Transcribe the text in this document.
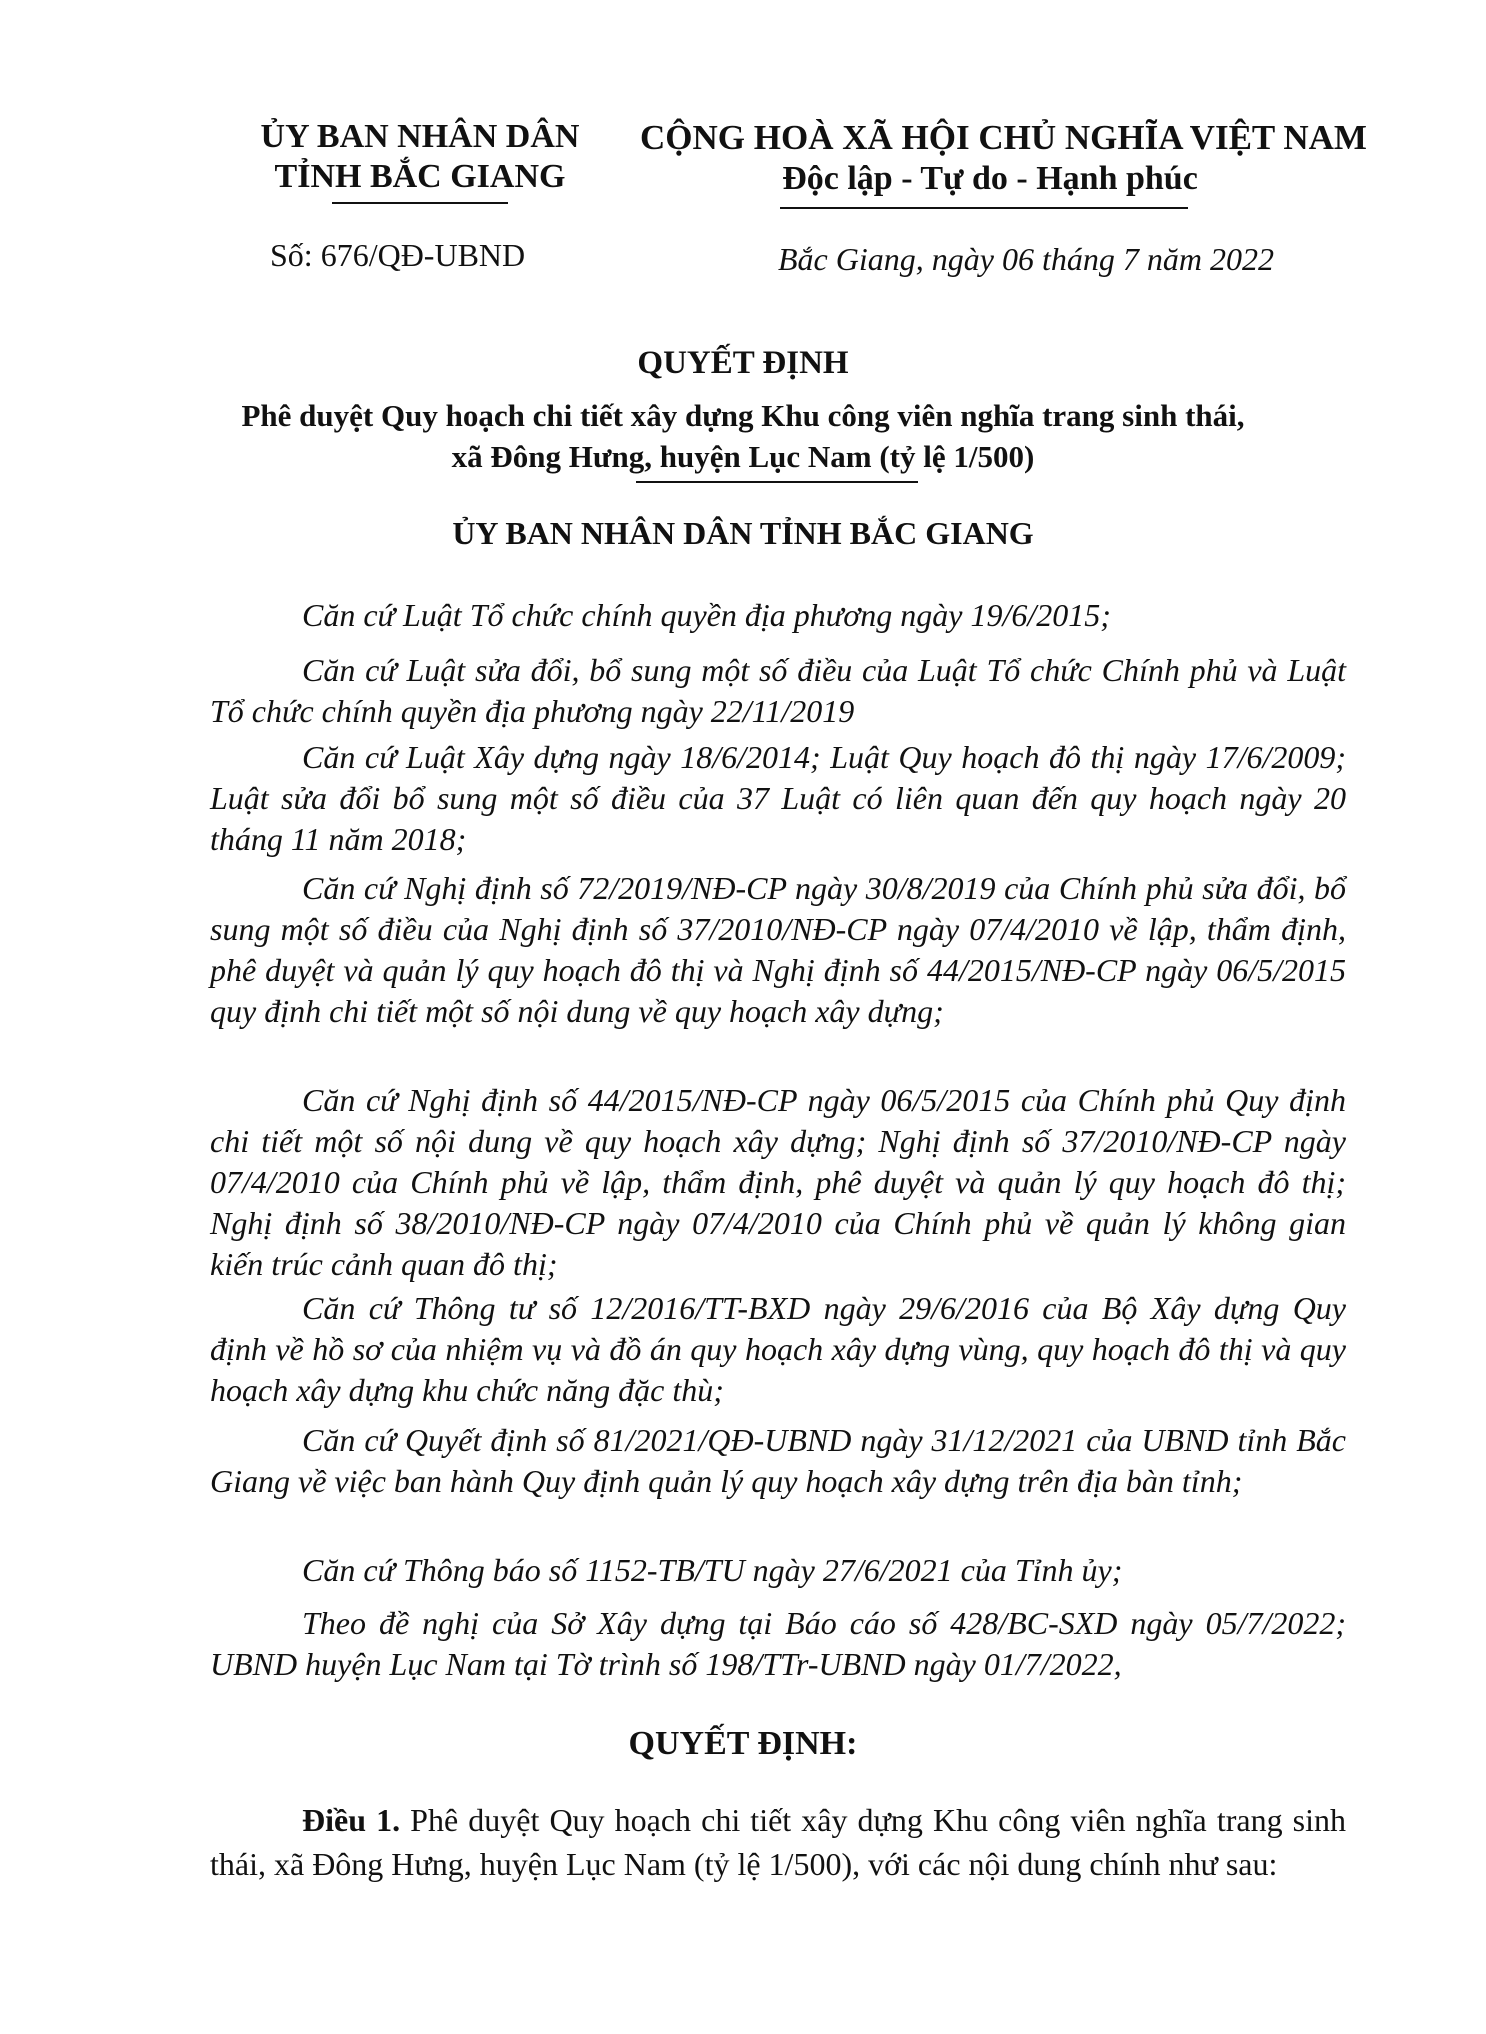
ỦY BAN NHÂN DÂN
TỈNH BẮC GIANG
CỘNG HOÀ XÃ HỘI CHỦ NGHĨA VIỆT NAM
Độc lập - Tự do - Hạnh phúc
Số: 676/QĐ-UBND	Bắc Giang, ngày 06 tháng 7 năm 2022
QUYẾT ĐỊNH
Phê duyệt Quy hoạch chi tiết xây dựng Khu công viên nghĩa trang sinh thái,
xã Đông Hưng, huyện Lục Nam (tỷ lệ 1/500)
ỦY BAN NHÂN DÂN TỈNH BẮC GIANG
Căn cứ Luật Tổ chức chính quyền địa phương ngày 19/6/2015;
Căn cứ Luật sửa đổi, bổ sung một số điều của Luật Tổ chức Chính phủ và Luật Tổ chức chính quyền địa phương ngày 22/11/2019
Căn cứ Luật Xây dựng ngày 18/6/2014; Luật Quy hoạch đô thị ngày 17/6/2009; Luật sửa đổi bổ sung một số điều của 37 Luật có liên quan đến quy hoạch ngày 20 tháng 11 năm 2018;
Căn cứ Nghị định số 72/2019/NĐ-CP ngày 30/8/2019 của Chính phủ sửa đổi, bổ sung một số điều của Nghị định số 37/2010/NĐ-CP ngày 07/4/2010 về lập, thẩm định, phê duyệt và quản lý quy hoạch đô thị và Nghị định số 44/2015/NĐ-CP ngày 06/5/2015 quy định chi tiết một số nội dung về quy hoạch xây dựng;
Căn cứ Nghị định số 44/2015/NĐ-CP ngày 06/5/2015 của Chính phủ Quy định chi tiết một số nội dung về quy hoạch xây dựng; Nghị định số 37/2010/NĐ-CP ngày 07/4/2010 của Chính phủ về lập, thẩm định, phê duyệt và quản lý quy hoạch đô thị; Nghị định số 38/2010/NĐ-CP ngày 07/4/2010 của Chính phủ về quản lý không gian kiến trúc cảnh quan đô thị;
Căn cứ Thông tư số 12/2016/TT-BXD ngày 29/6/2016 của Bộ Xây dựng Quy định về hồ sơ của nhiệm vụ và đồ án quy hoạch xây dựng vùng, quy hoạch đô thị và quy hoạch xây dựng khu chức năng đặc thù;
Căn cứ Quyết định số 81/2021/QĐ-UBND ngày 31/12/2021 của UBND tỉnh Bắc Giang về việc ban hành Quy định quản lý quy hoạch xây dựng trên địa bàn tỉnh;
Căn cứ Thông báo số 1152-TB/TU ngày 27/6/2021 của Tỉnh ủy;
Theo đề nghị của Sở Xây dựng tại Báo cáo số 428/BC-SXD ngày 05/7/2022; UBND huyện Lục Nam tại Tờ trình số 198/TTr-UBND ngày 01/7/2022,
QUYẾT ĐỊNH:
Điều 1. Phê duyệt Quy hoạch chi tiết xây dựng Khu công viên nghĩa trang sinh thái, xã Đông Hưng, huyện Lục Nam (tỷ lệ 1/500), với các nội dung chính như sau:
